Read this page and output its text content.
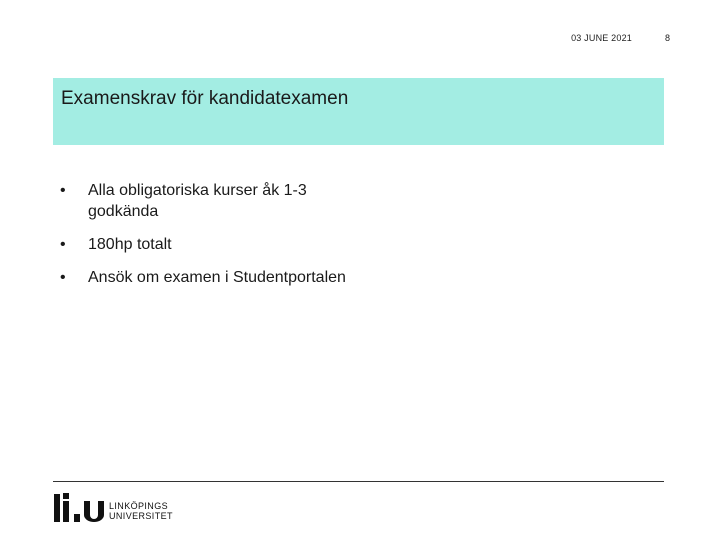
03 JUNE 2021	8
Examenskrav för kandidatexamen
•	Alla obligatoriska kurser åk 1-3
godkända
•	180hp totalt
•	Ansök om examen i Studentportalen
LINKÖPINGS
UNIVERSITET
